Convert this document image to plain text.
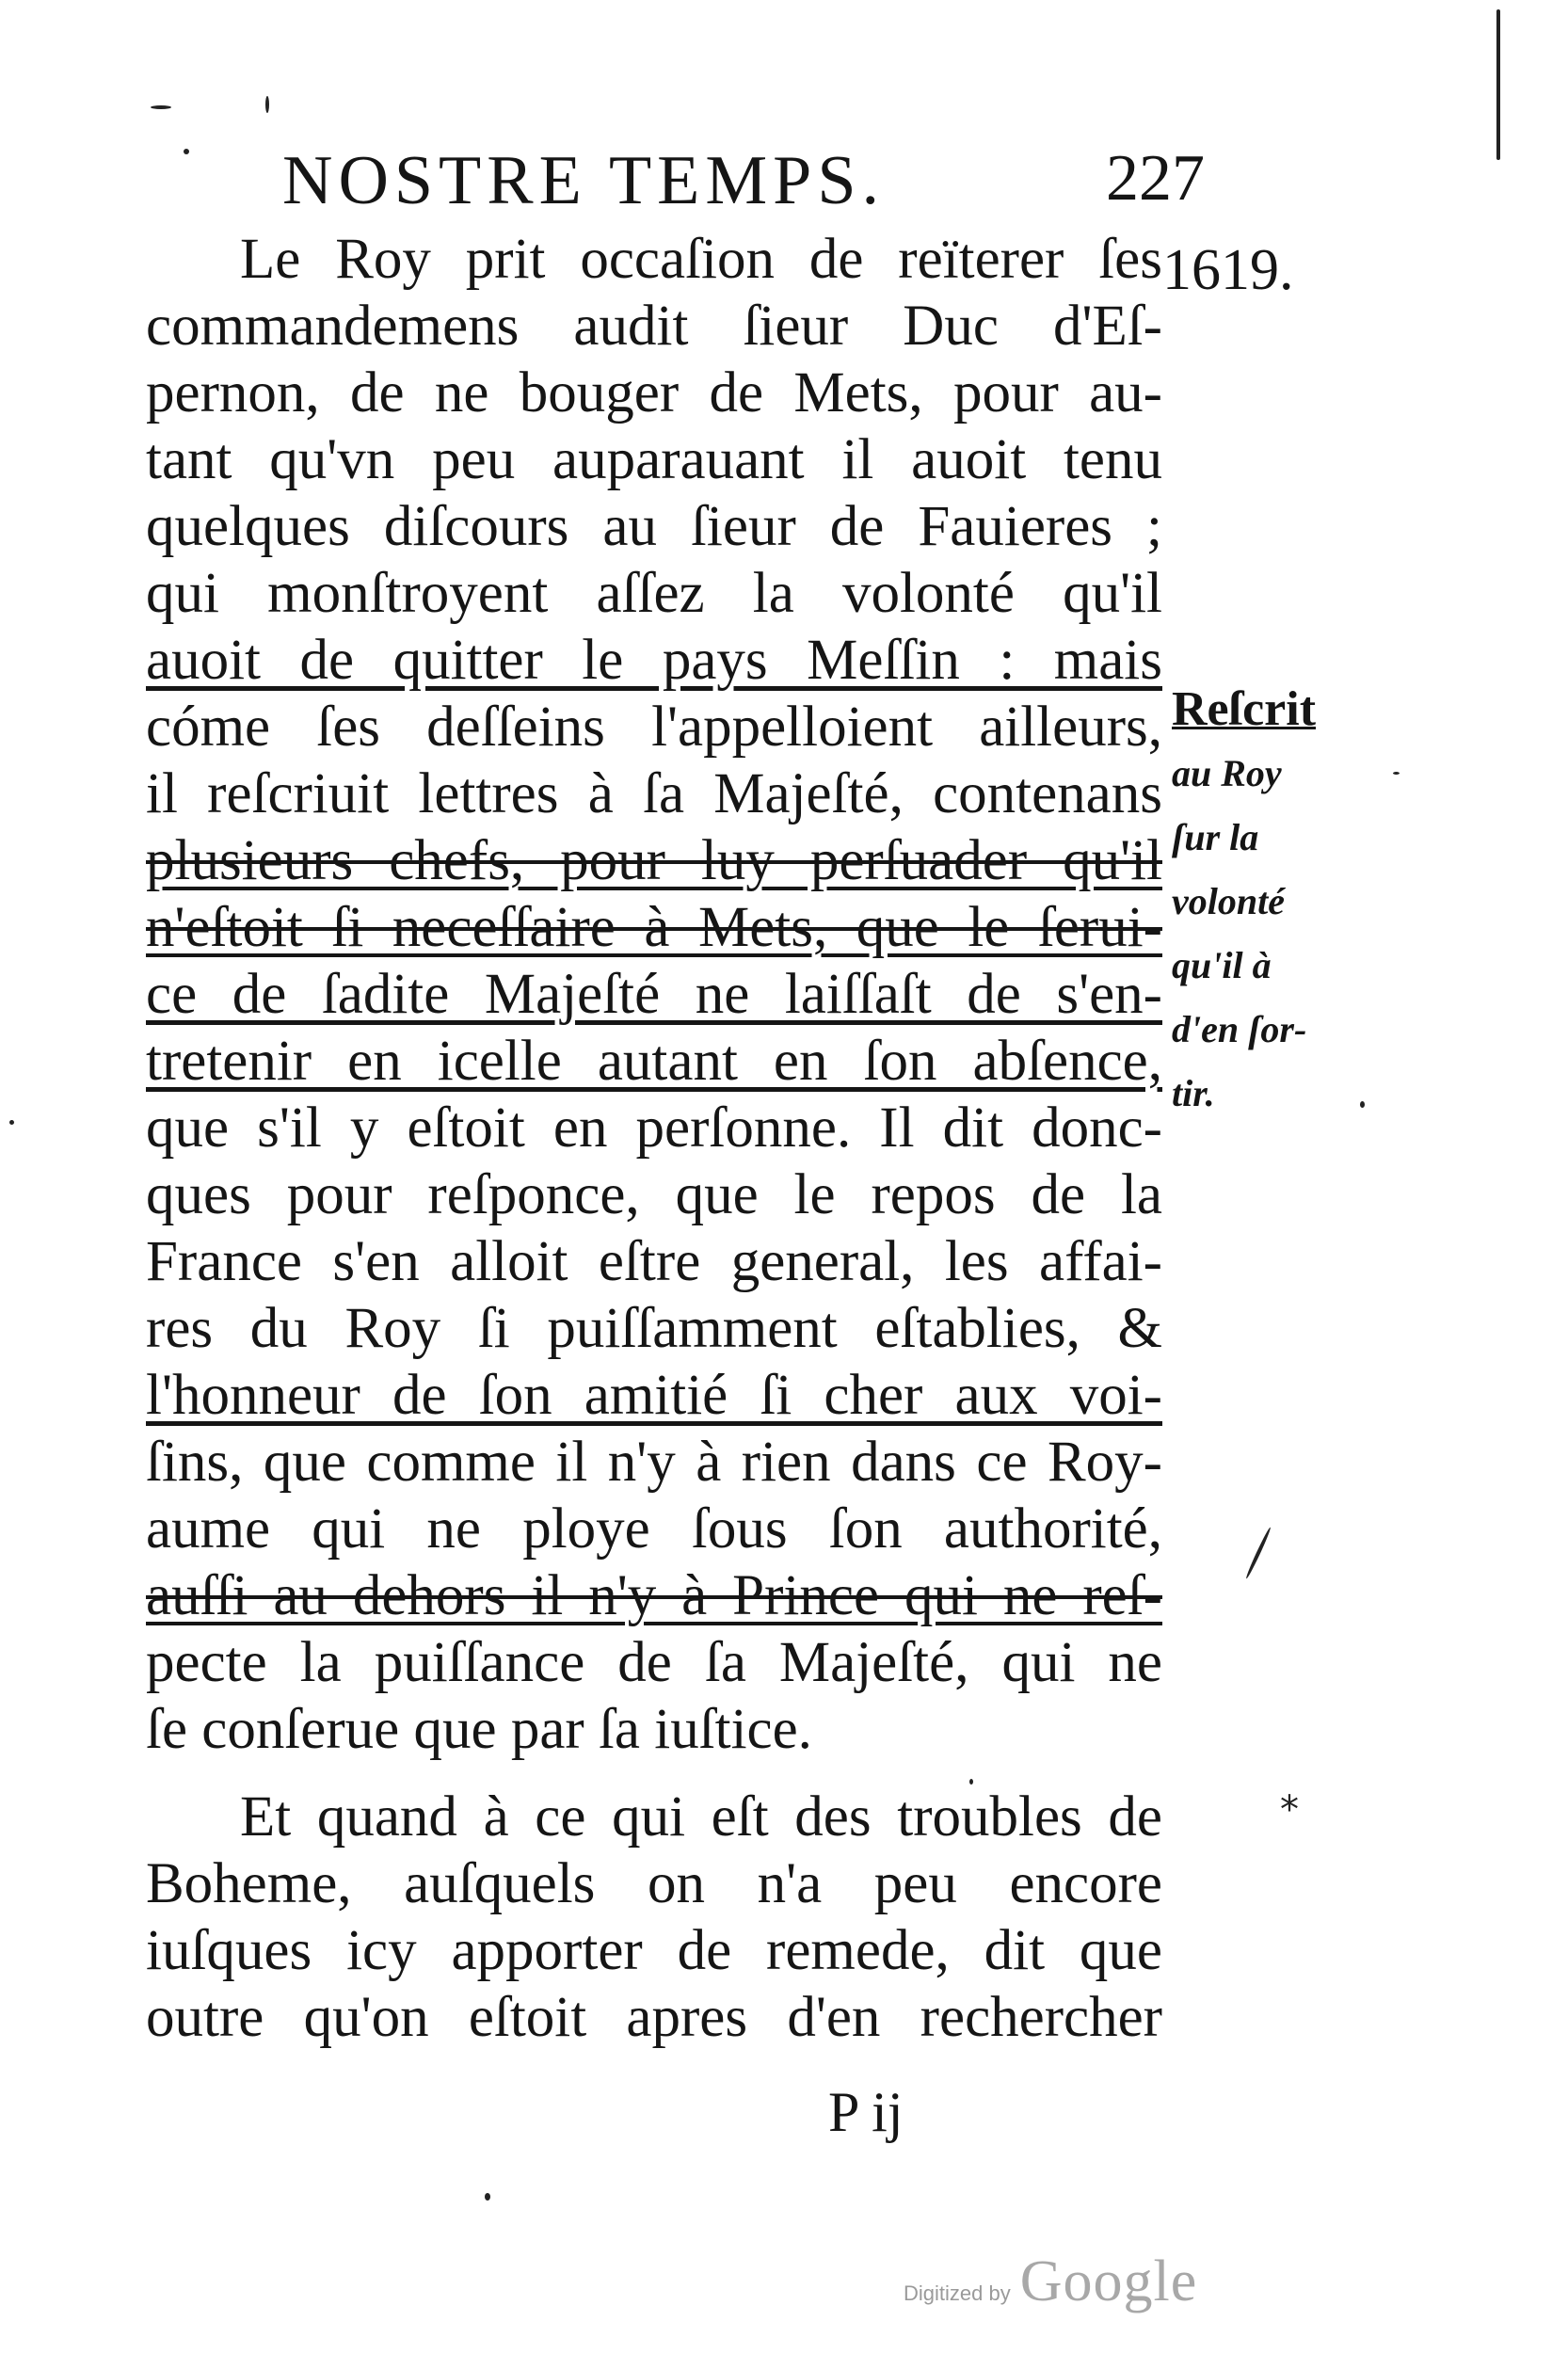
NOSTRE TEMPS.	227
1619.
Le Roy prit occaſion de reïterer ſes
commandemens audit ſieur Duc d'Eſ-
pernon, de ne bouger de Mets, pour au-
tant qu'vn peu auparauant il auoit tenu
quelques diſcours au ſieur de Fauieres ;
qui monſtroyent aſſez la volonté qu'il
auoit de quitter le pays Meſſin : mais
cóme ſes deſſeins l'appelloient ailleurs,
il reſcriuit lettres à ſa Majeſté, contenans
plusieurs chefs, pour luy perſuader qu'il
n'eſtoit ſi neceſſaire à Mets, que le ſerui-
ce de ſadite Majeſté ne laiſſaſt de s'en-
tretenir en icelle autant en ſon abſence,
que s'il y eſtoit en perſonne. Il dit donc-
ques pour reſponce, que le repos de la
France s'en alloit eſtre general, les affai-
res du Roy ſi puiſſamment eſtablies, &
l'honneur de ſon amitié ſi cher aux voi-
ſins, que comme il n'y à rien dans ce Roy-
aume qui ne ploye ſous ſon authorité,
auſſi au dehors il n'y à Prince qui ne reſ-
pecte la puiſſance de ſa Majeſté, qui ne
ſe conſerue que par ſa iuſtice.
Et quand à ce qui eſt des troubles de
Boheme, auſquels on n'a peu encore
iuſques icy apporter de remede, dit que
outre qu'on eſtoit apres d'en rechercher
Reſcrit
au Roy
ſur la
volonté
qu'il à
d'en ſor-
tir.
P ij
Digitized by Google
*
